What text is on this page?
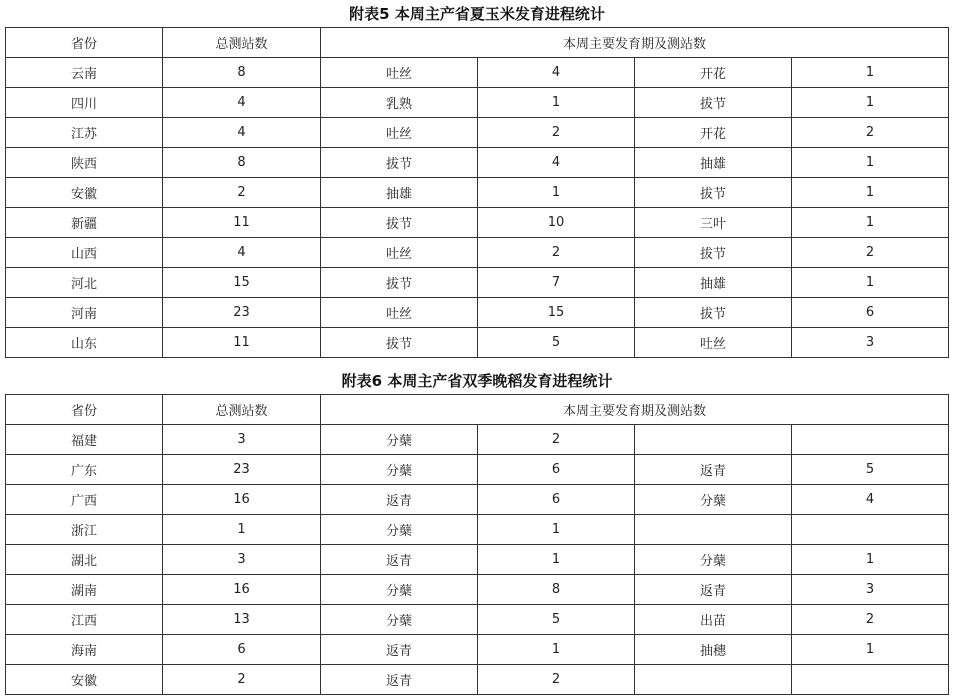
附表5 本周主产省夏玉米发育进程统计
省份	总测站数	本周主要发育期及测站数			
云南	8	吐丝	4	开花	1
四川	4	乳熟	1	拔节	1
江苏	4	吐丝	2	开花	2
陕西	8	拔节	4	抽雄	1
安徽	2	抽雄	1	拔节	1
新疆	11	拔节	10	三叶	1
山西	4	吐丝	2	拔节	2
河北	15	拔节	7	抽雄	1
河南	23	吐丝	15	拔节	6
山东	11	拔节	5	吐丝	3
附表6 本周主产省双季晚稻发育进程统计
省份	总测站数	本周主要发育期及测站数			
福建	3	分蘖	2		
广东	23	分蘖	6	返青	5
广西	16	返青	6	分蘖	4
浙江	1	分蘖	1		
湖北	3	返青	1	分蘖	1
湖南	16	分蘖	8	返青	3
江西	13	分蘖	5	出苗	2
海南	6	返青	1	抽穗	1
安徽	2	返青	2		
